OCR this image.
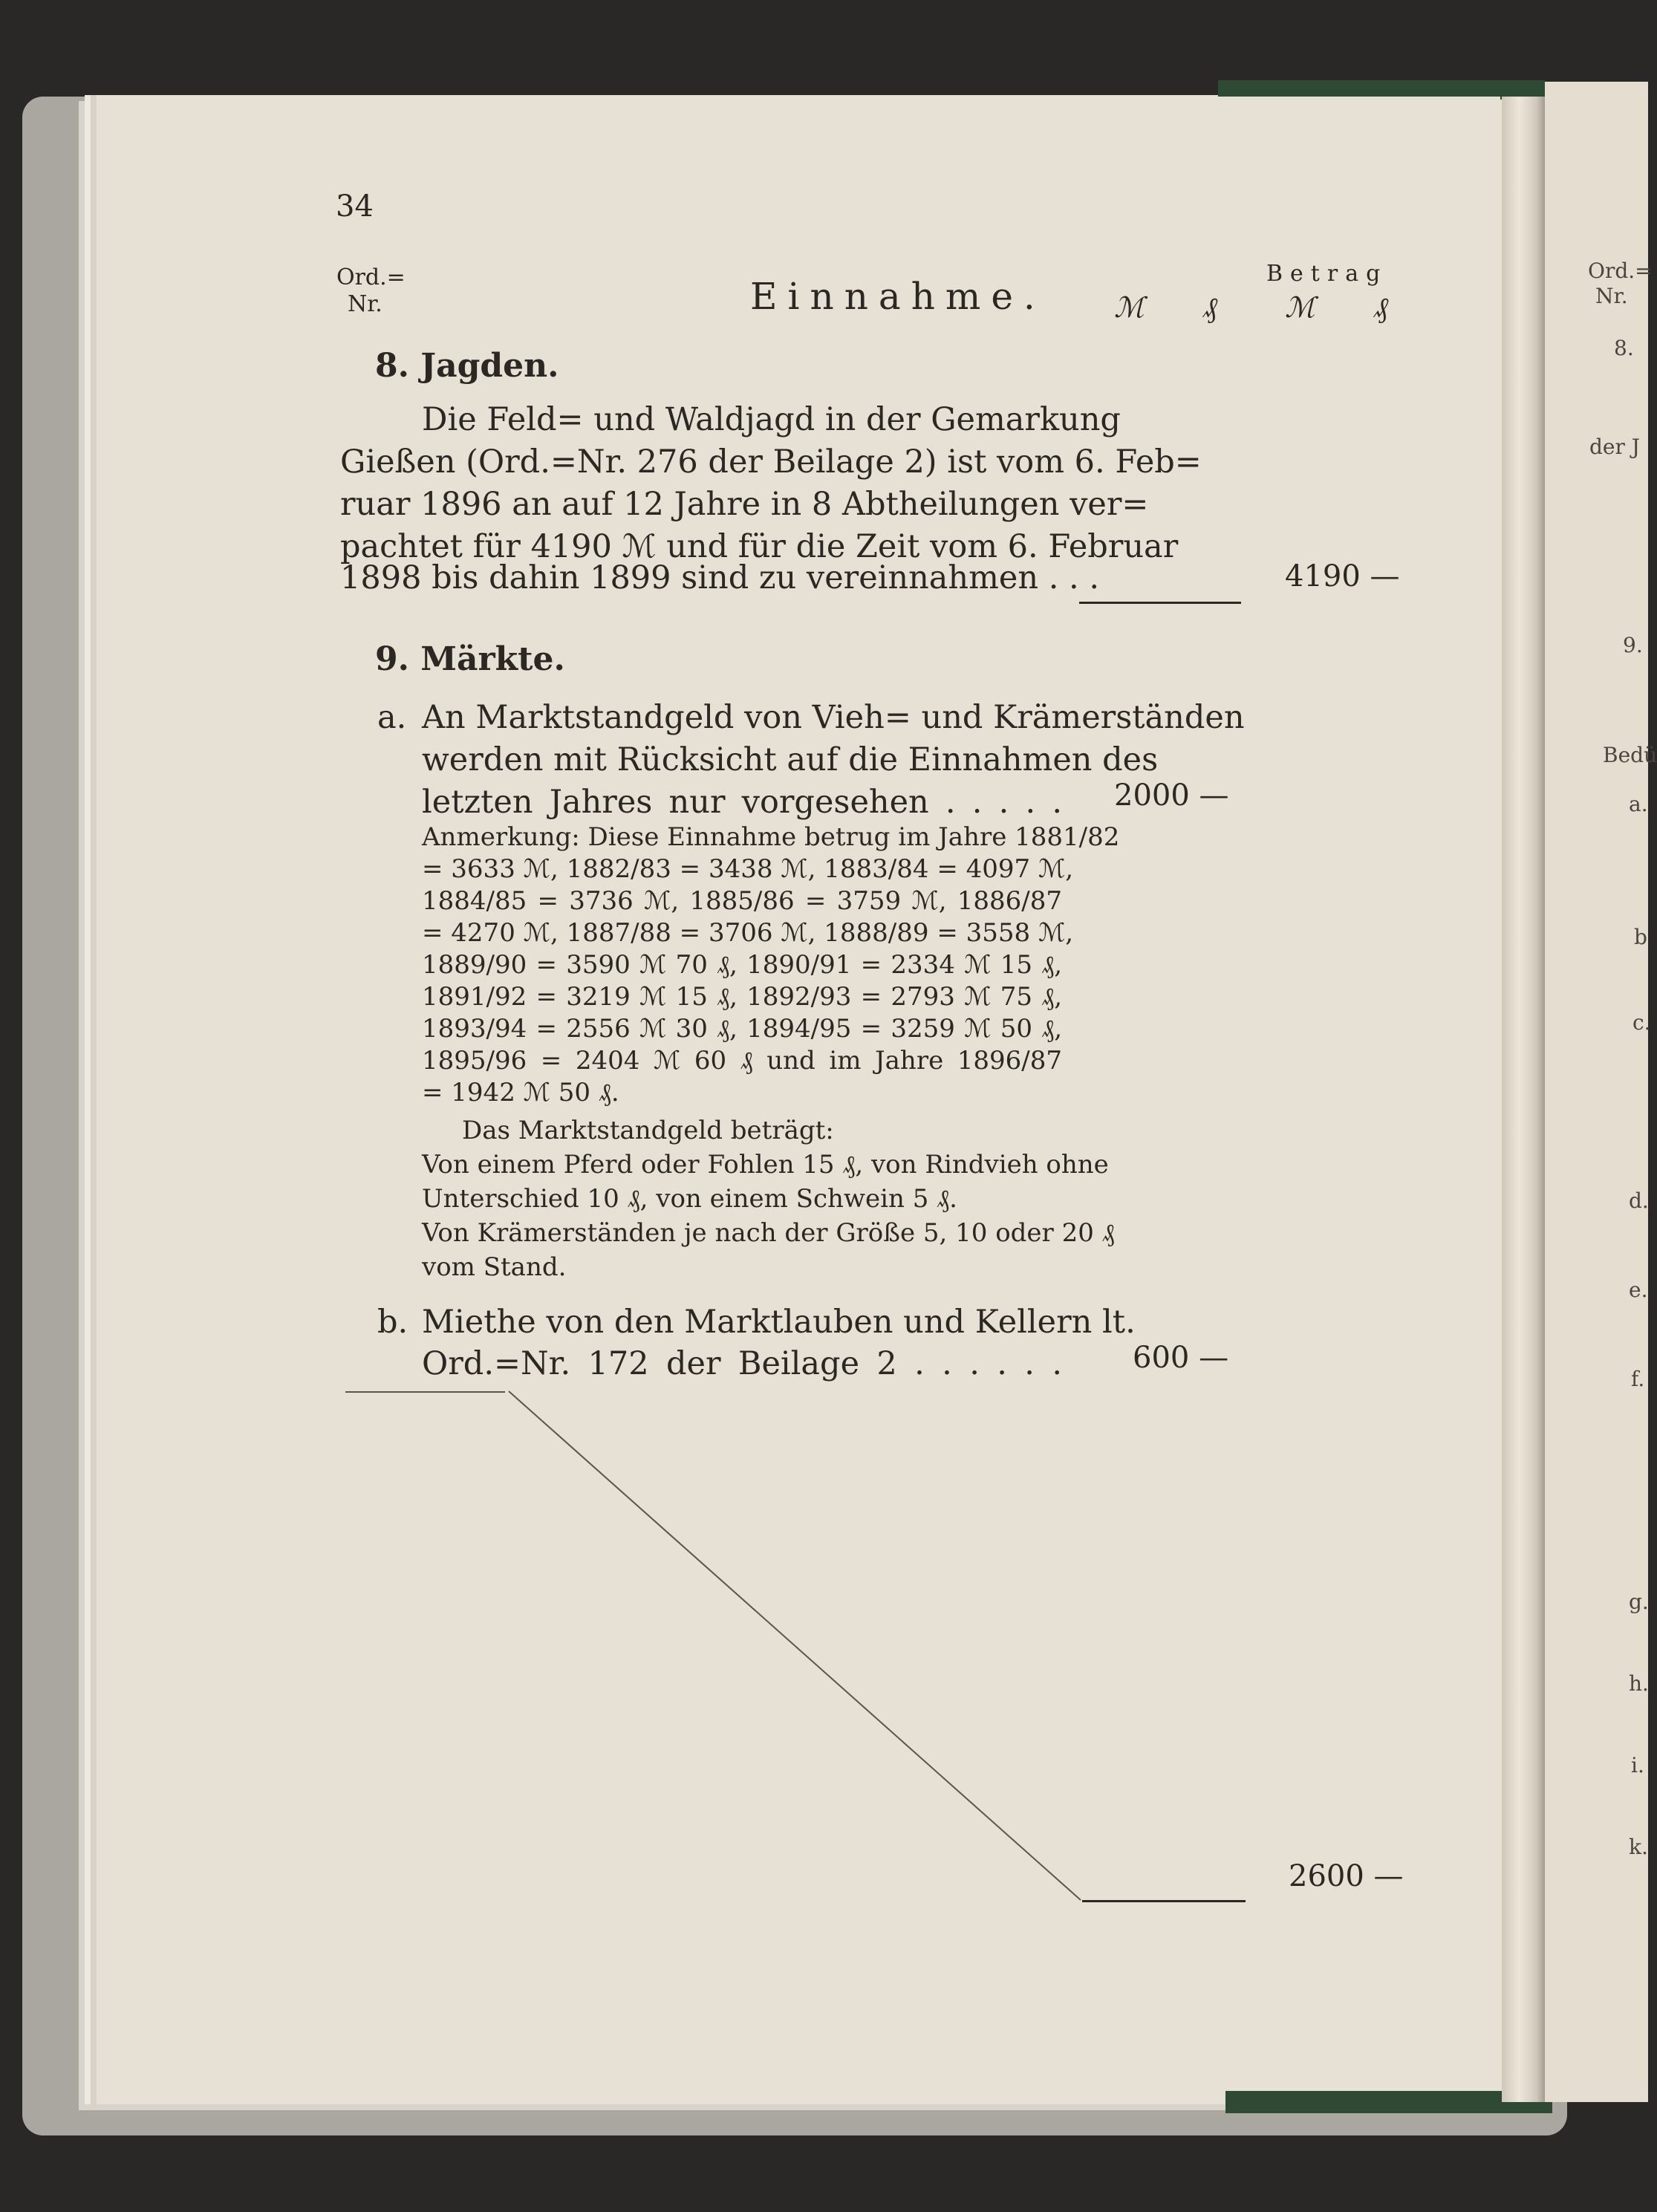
Ord.=
Nr.
8.
der J
9.
Bedü
a.
b
c.
d.
e.
f.
g.
h.
i.
k.
34
Ord.=
Nr.	Einnahme.
Betrag
ℳ ₰ ℳ ₰
8. Jagden.
Die Feld= und Waldjagd in der Gemarkung
Gießen (Ord.=Nr. 276 der Beilage 2) ist vom 6. Feb=
ruar 1896 an auf 12 Jahre in 8 Abtheilungen ver=
pachtet für 4190 ℳ und für die Zeit vom 6. Februar
1898 bis dahin 1899 sind zu vereinnahmen . . .	4190 —
9. Märkte.
a. An Marktstandgeld von Vieh= und Krämerständen
werden mit Rücksicht auf die Einnahmen des
letzten Jahres nur vorgesehen . . . . . 2000 —
Anmerkung: Diese Einnahme betrug im Jahre 1881/82
= 3633 ℳ, 1882/83 = 3438 ℳ, 1883/84 = 4097 ℳ,
1884/85 = 3736 ℳ, 1885/86 = 3759 ℳ, 1886/87
= 4270 ℳ, 1887/88 = 3706 ℳ, 1888/89 = 3558 ℳ,
1889/90 = 3590 ℳ 70 ₰, 1890/91 = 2334 ℳ 15 ₰,
1891/92 = 3219 ℳ 15 ₰, 1892/93 = 2793 ℳ 75 ₰,
1893/94 = 2556 ℳ 30 ₰, 1894/95 = 3259 ℳ 50 ₰,
1895/96 = 2404 ℳ 60 ₰ und im Jahre 1896/87
= 1942 ℳ 50 ₰.
Das Marktstandgeld beträgt:
Von einem Pferd oder Fohlen 15 ₰, von Rindvieh ohne
Unterschied 10 ₰, von einem Schwein 5 ₰.
Von Krämerständen je nach der Größe 5, 10 oder 20 ₰
vom Stand.
b. Miethe von den Marktlauben und Kellern lt.
Ord.=Nr. 172 der Beilage 2 . . . . . . 600 —
2600 —
